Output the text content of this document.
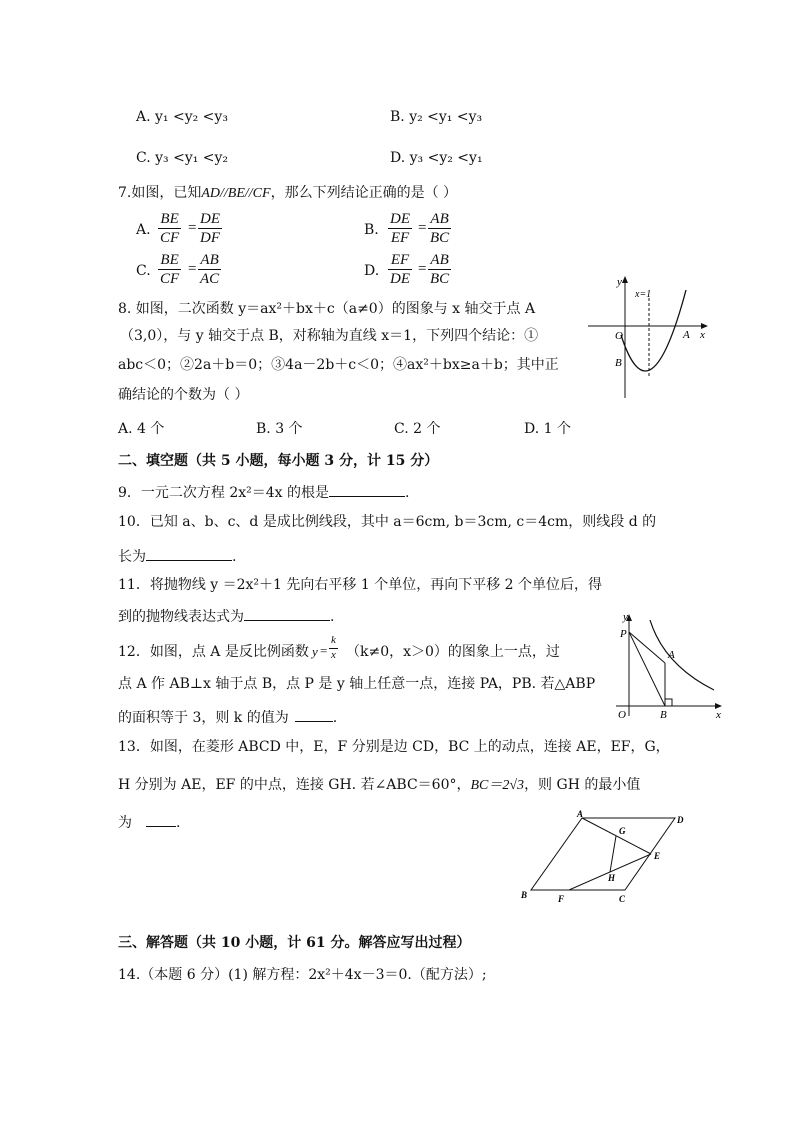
A. y₁ <y₂ <y₃	B. y₂ <y₁ <y₃
C. y₃ <y₁ <y₂	D. y₃ <y₂ <y₁
7.如图，已知AD//BE//CF，那么下列结论正确的是（ ）
A. $\frac{BE}{CF} = \frac{DE}{DF}$	B. $\frac{DE}{EF} = \frac{AB}{BC}$
C. $\frac{BE}{CF} = \frac{AB}{AC}$	D. $\frac{EF}{DE} = \frac{AB}{BC}$
8. 如图，二次函数 y＝ax²＋bx＋c（a≠0）的图象与 x 轴交于点 A
（3,0），与 y 轴交于点 B，对称轴为直线 x＝1，下列四个结论：①
abc＜0；②2a＋b＝0；③4a－2b＋c＜0；④ax²＋bx≥a＋b；其中正
确结论的个数为（ ）
A. 4 个	B. 3 个	C. 2 个	D. 1 个
y
x
x=1
O	A
B
二、填空题（共 5 小题，每小题 3 分，计 15 分）
9．一元二次方程 2x²＝4x 的根是	.
10．已知 a、b、c、d 是成比例线段，其中 a＝6cm, b＝3cm, c＝4cm，则线段 d 的
长为	.
11．将抛物线 y ＝2x²＋1 先向右平移 1 个单位，再向下平移 2 个单位后，得
到的抛物线表达式为	.
12．如图，点 A 是反比例函数 y =
k
x （k≠0，x＞0）的图象上一点，过
点 A 作 AB⊥x 轴于点 B，点 P 是 y 轴上任意一点，连接 PA，PB. 若△ABP
的面积等于 3，则 k 的值为	.
y
P
A
O	B	x
13．如图，在菱形 ABCD 中，E，F 分别是边 CD，BC 上的动点，连接 AE，EF，G，
H 分别为 AE，EF 的中点，连接 GH. 若∠ABC＝60°，BC＝2√3，则 GH 的最小值
为	.
A
D
G
E
H
B	F	C
三、解答题（共 10 小题，计 61 分。解答应写出过程）
14.（本题 6 分）(1) 解方程：2x²＋4x－3＝0.（配方法）;
